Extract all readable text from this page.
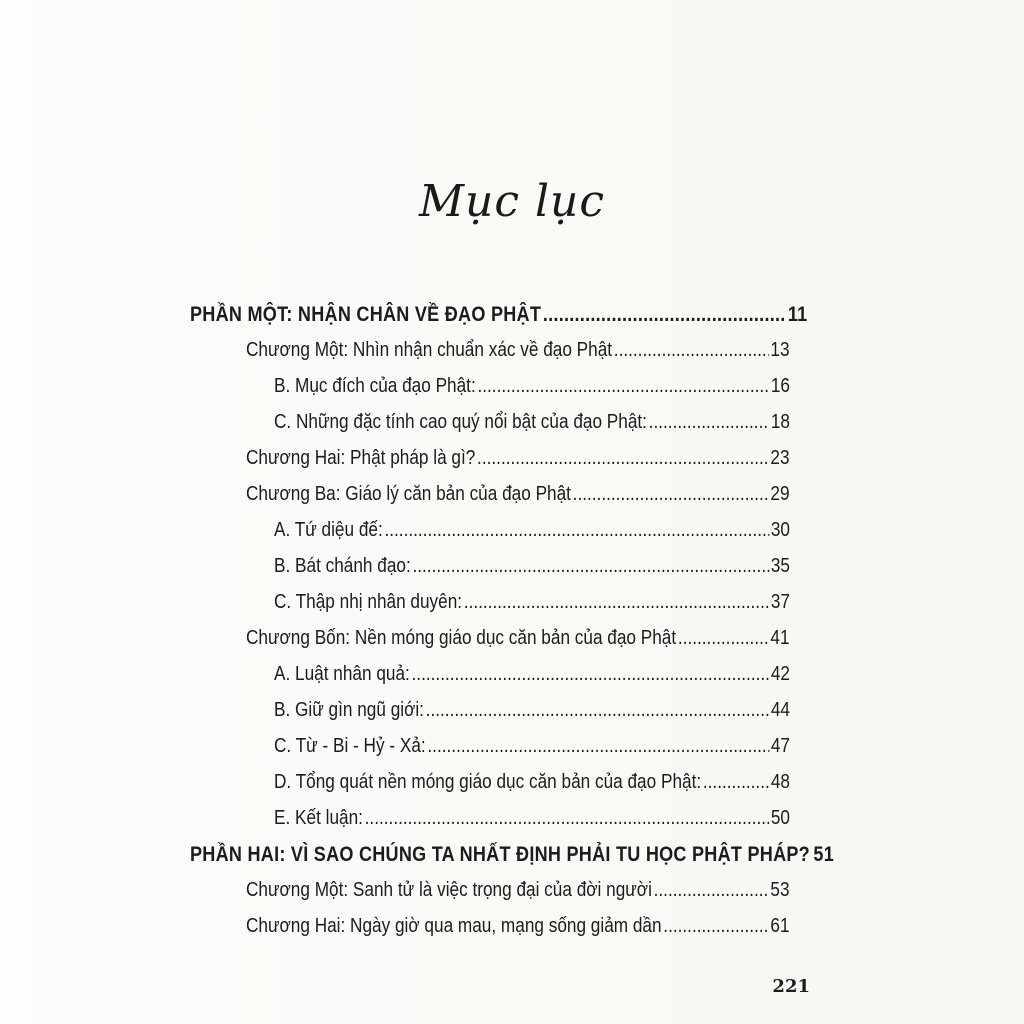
Mục lục
PHẦN MỘT: NHẬN CHÂN VỀ ĐẠO PHẬT .....	11
Chương Một: Nhìn nhận chuẩn xác về đạo Phật .....	13
B. Mục đích của đạo Phật: .....	16
C. Những đặc tính cao quý nổi bật của đạo Phật: .....	18
Chương Hai: Phật pháp là gì? .....	23
Chương Ba: Giáo lý căn bản của đạo Phật .....	29
A. Tứ diệu đế: .....	30
B. Bát chánh đạo: .....	35
C. Thập nhị nhân duyên: .....	37
Chương Bốn: Nền móng giáo dục căn bản của đạo Phật .....	41
A. Luật nhân quả: .....	42
B. Giữ gìn ngũ giới: .....	44
C. Từ - Bi - Hỷ - Xả: .....	47
D. Tổng quát nền móng giáo dục căn bản của đạo Phật: .....	48
E. Kết luận: .....	50
PHẦN HAI: VÌ SAO CHÚNG TA NHẤT ĐỊNH PHẢI TU HỌC PHẬT PHÁP? 51
Chương Một: Sanh tử là việc trọng đại của đời người .....	53
Chương Hai: Ngày giờ qua mau, mạng sống giảm dần .....	61
221
